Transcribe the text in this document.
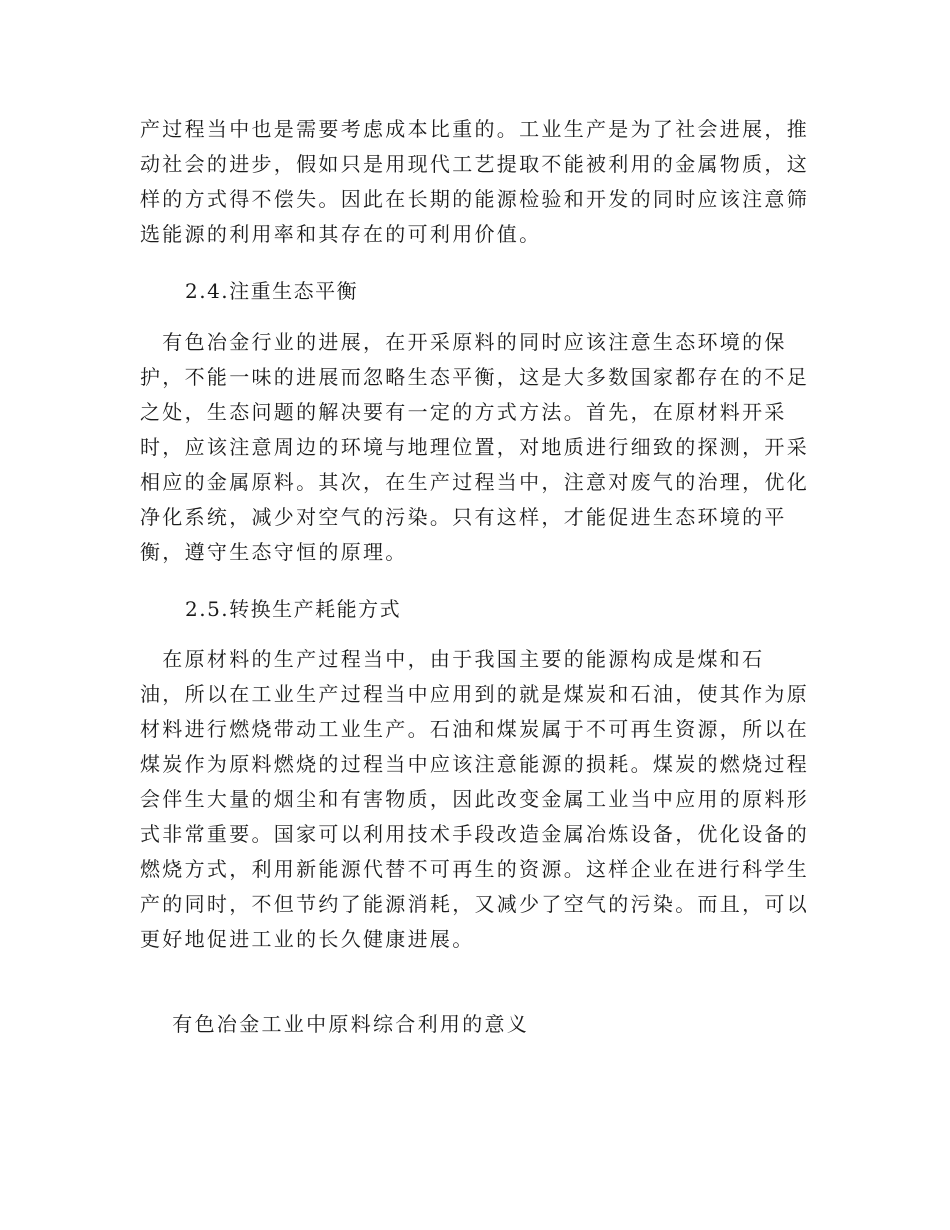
产过程当中也是需要考虑成本比重的。工业生产是为了社会进展，推
动社会的进步，假如只是用现代工艺提取不能被利用的金属物质，这
样的方式得不偿失。因此在长期的能源检验和开发的同时应该注意筛
选能源的利用率和其存在的可利用价值。
2.4.注重生态平衡
　有色冶金行业的进展，在开采原料的同时应该注意生态环境的保
护，不能一味的进展而忽略生态平衡，这是大多数国家都存在的不足
之处，生态问题的解决要有一定的方式方法。首先，在原材料开采
时，应该注意周边的环境与地理位置，对地质进行细致的探测，开采
相应的金属原料。其次，在生产过程当中，注意对废气的治理，优化
净化系统，减少对空气的污染。只有这样，才能促进生态环境的平
衡，遵守生态守恒的原理。
2.5.转换生产耗能方式
　在原材料的生产过程当中，由于我国主要的能源构成是煤和石
油，所以在工业生产过程当中应用到的就是煤炭和石油，使其作为原
材料进行燃烧带动工业生产。石油和煤炭属于不可再生资源，所以在
煤炭作为原料燃烧的过程当中应该注意能源的损耗。煤炭的燃烧过程
会伴生大量的烟尘和有害物质，因此改变金属工业当中应用的原料形
式非常重要。国家可以利用技术手段改造金属冶炼设备，优化设备的
燃烧方式，利用新能源代替不可再生的资源。这样企业在进行科学生
产的同时，不但节约了能源消耗，又减少了空气的污染。而且，可以
更好地促进工业的长久健康进展。
　有色冶金工业中原料综合利用的意义
